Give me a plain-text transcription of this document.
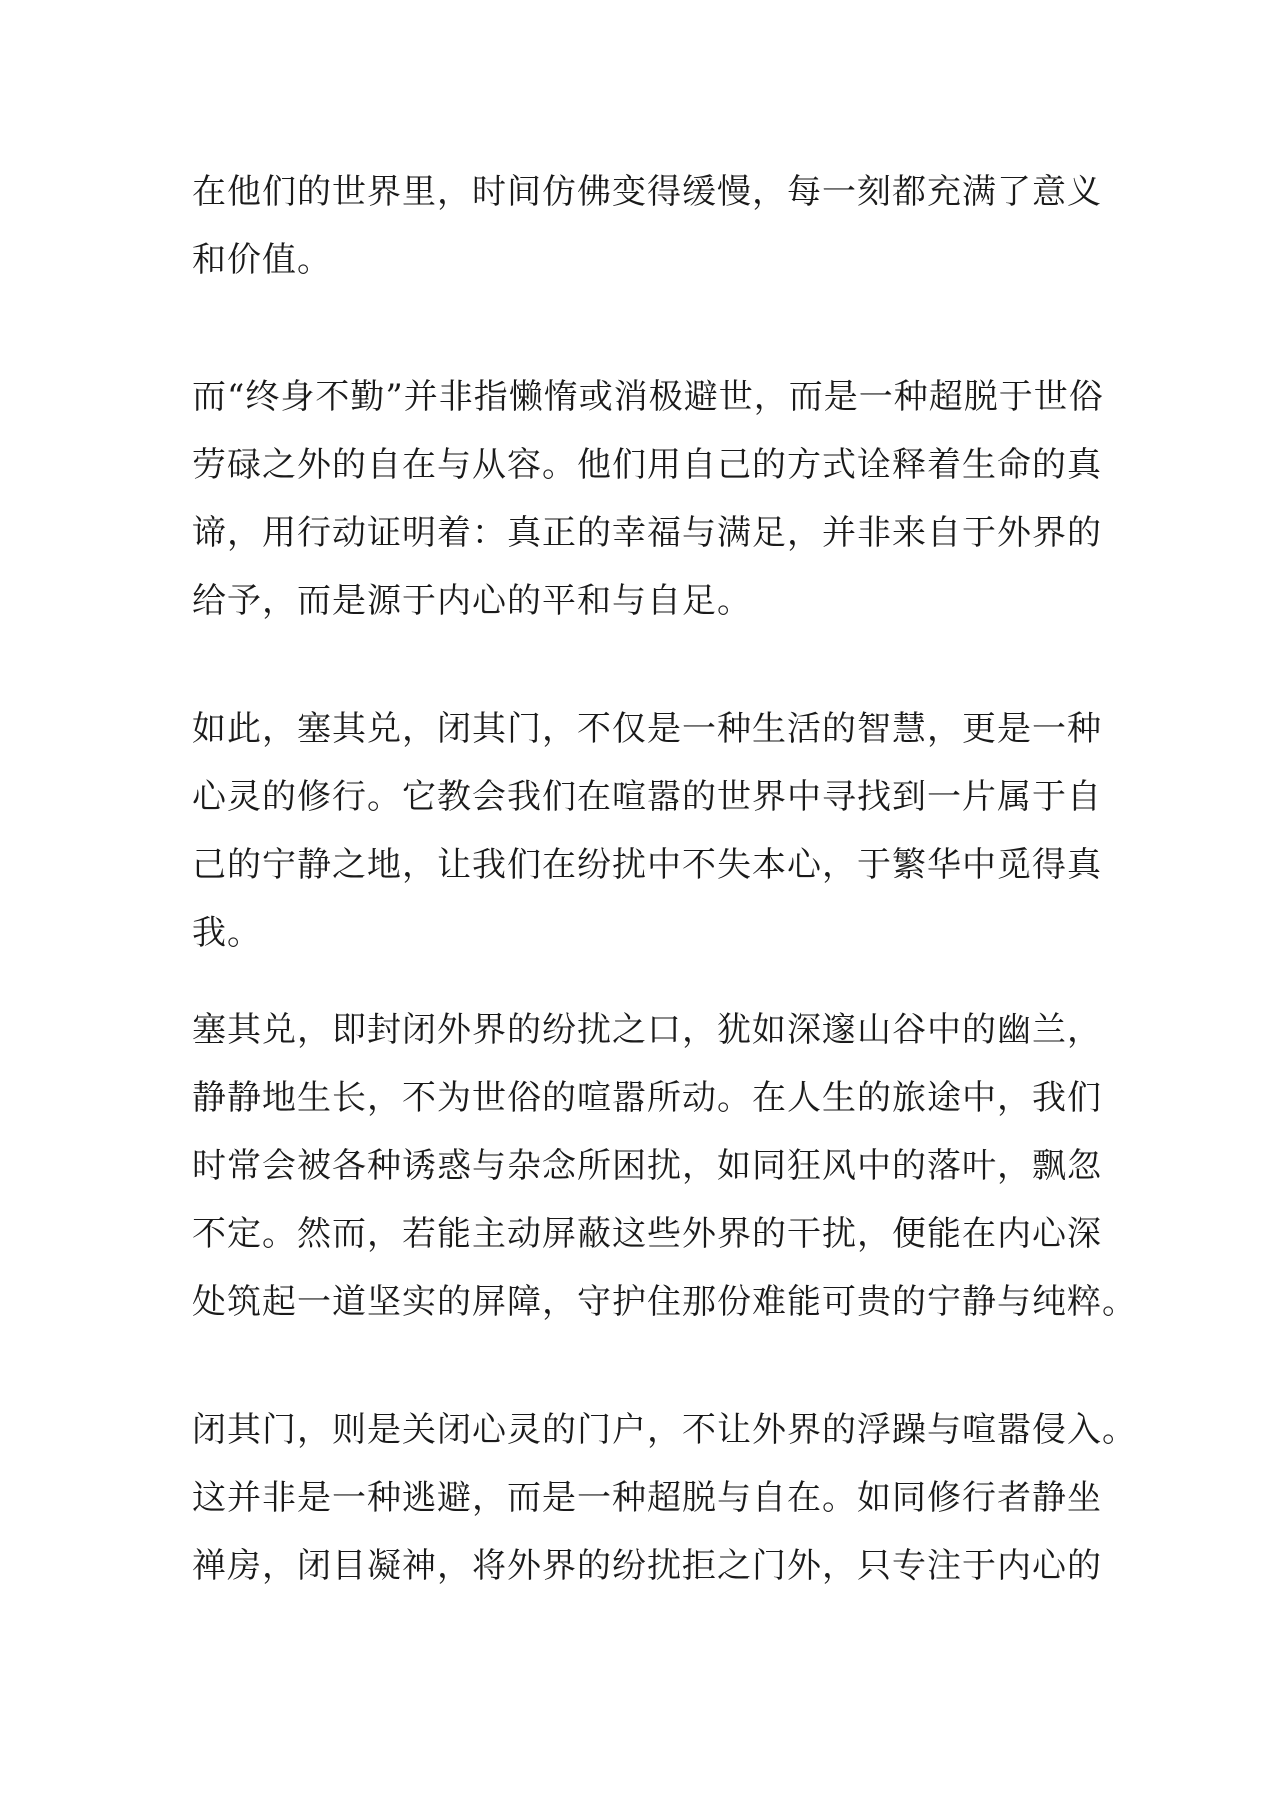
在他们的世界里，时间仿佛变得缓慢，每一刻都充满了意义
和价值。

而“终身不勤”并非指懒惰或消极避世，而是一种超脱于世俗
劳碌之外的自在与从容。他们用自己的方式诠释着生命的真
谛，用行动证明着：真正的幸福与满足，并非来自于外界的
给予，而是源于内心的平和与自足。

如此，塞其兑，闭其门，不仅是一种生活的智慧，更是一种
心灵的修行。它教会我们在喧嚣的世界中寻找到一片属于自
己的宁静之地，让我们在纷扰中不失本心，于繁华中觅得真
我。

塞其兑，即封闭外界的纷扰之口，犹如深邃山谷中的幽兰，
静静地生长，不为世俗的喧嚣所动。在人生的旅途中，我们
时常会被各种诱惑与杂念所困扰，如同狂风中的落叶，飘忽
不定。然而，若能主动屏蔽这些外界的干扰，便能在内心深
处筑起一道坚实的屏障，守护住那份难能可贵的宁静与纯粹。

闭其门，则是关闭心灵的门户，不让外界的浮躁与喧嚣侵入。
这并非是一种逃避，而是一种超脱与自在。如同修行者静坐
禅房，闭目凝神，将外界的纷扰拒之门外，只专注于内心的
